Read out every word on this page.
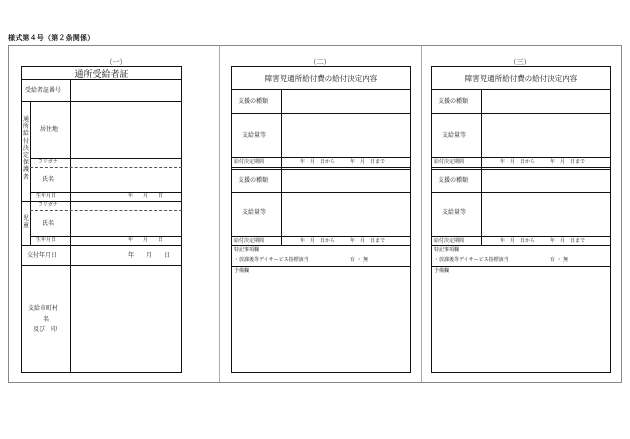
様式第４号（第２条関係）
（一）
通所受給者証
受給者証番号
通所給付決定保護者
居住地
フリガナ
氏名
生年月日	年　　月　　日
児童
フリガナ
氏名
生年月日	年　　月　　日
交付年月日	年　　月　　日
支給市町村
名
及び　印
（二）
障害児通所給付費の給付決定内容
支援の種類
支給量等
給付決定期間	年　月　日から　　　年　月　日まで
支援の種類
支給量等
給付決定期間	年　月　日から　　　年　月　日まで
特記事項欄
・放課後等デイサービス指標該当	有 ・ 無
予備欄
（三）
障害児通所給付費の給付決定内容
支援の種類
支給量等
給付決定期間	年　月　日から　　　年　月　日まで
支援の種類
支給量等
給付決定期間	年　月　日から　　　年　月　日まで
特記事項欄
・放課後等デイサービス指標該当	有 ・ 無
予備欄
